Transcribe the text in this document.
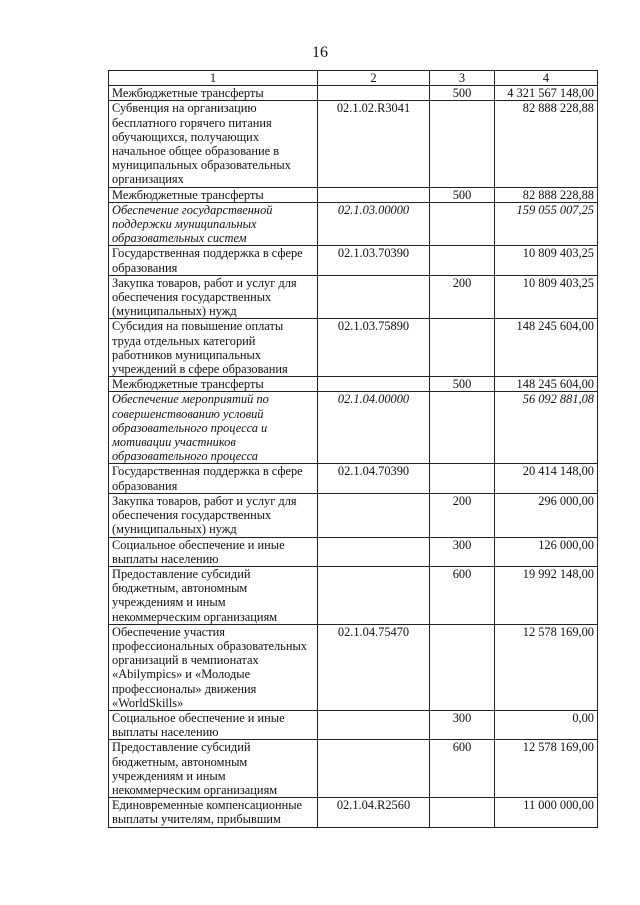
16
1	2	3	4
Межбюджетные трансферты		500	4 321 567 148,00
Субвенция на организацию бесплатного горячего питания обучающихся, получающих начальное общее образование в муниципальных образовательных организациях	02.1.02.R3041		82 888 228,88
Межбюджетные трансферты		500	82 888 228,88
Обеспечение государственной поддержки муниципальных образовательных систем	02.1.03.00000		159 055 007,25
Государственная поддержка в сфере образования	02.1.03.70390		10 809 403,25
Закупка товаров, работ и услуг для обеспечения государственных (муниципальных) нужд		200	10 809 403,25
Субсидия на повышение оплаты труда отдельных категорий работников муниципальных учреждений в сфере образования	02.1.03.75890		148 245 604,00
Межбюджетные трансферты		500	148 245 604,00
Обеспечение мероприятий по совершенствованию условий образовательного процесса и мотивации участников образовательного процесса	02.1.04.00000		56 092 881,08
Государственная поддержка в сфере образования	02.1.04.70390		20 414 148,00
Закупка товаров, работ и услуг для обеспечения государственных (муниципальных) нужд		200	296 000,00
Социальное обеспечение и иные выплаты населению		300	126 000,00
Предоставление субсидий бюджетным, автономным учреждениям и иным некоммерческим организациям		600	19 992 148,00
Обеспечение участия профессиональных образовательных организаций в чемпионатах «Abilympics» и «Молодые профессионалы» движения «WorldSkills»	02.1.04.75470		12 578 169,00
Социальное обеспечение и иные выплаты населению		300	0,00
Предоставление субсидий бюджетным, автономным учреждениям и иным некоммерческим организациям		600	12 578 169,00
Единовременные компенсационные выплаты учителям, прибывшим	02.1.04.R2560		11 000 000,00
